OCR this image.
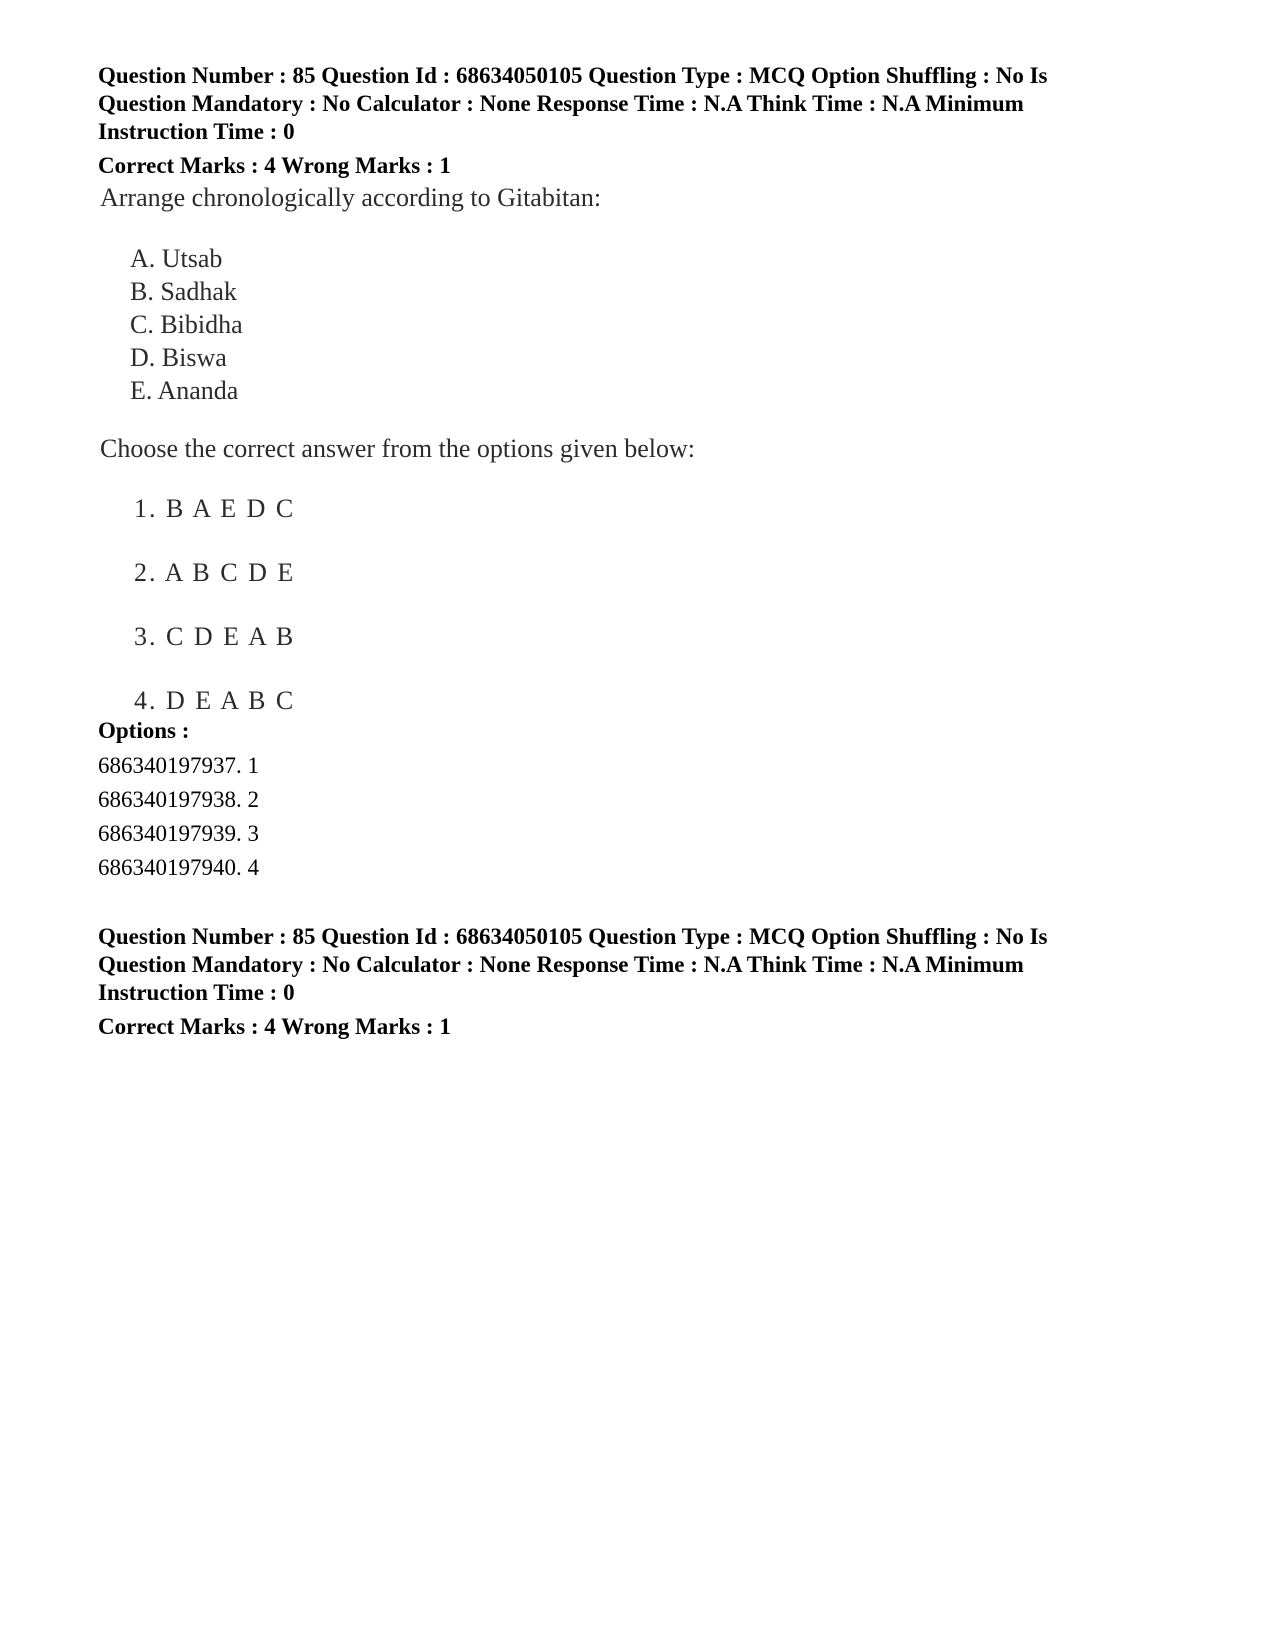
Question Number : 85 Question Id : 68634050105 Question Type : MCQ Option Shuffling : No Is
Question Mandatory : No Calculator : None Response Time : N.A Think Time : N.A Minimum
Instruction Time : 0
Correct Marks : 4 Wrong Marks : 1
Arrange chronologically according to Gitabitan:
A. Utsab
B. Sadhak
C. Bibidha
D. Biswa
E. Ananda
Choose the correct answer from the options given below:
1. B A E D C
2. A B C D E
3. C D E A B
4. D E A B C
Options :
686340197937. 1
686340197938. 2
686340197939. 3
686340197940. 4
Question Number : 85 Question Id : 68634050105 Question Type : MCQ Option Shuffling : No Is
Question Mandatory : No Calculator : None Response Time : N.A Think Time : N.A Minimum
Instruction Time : 0
Correct Marks : 4 Wrong Marks : 1
